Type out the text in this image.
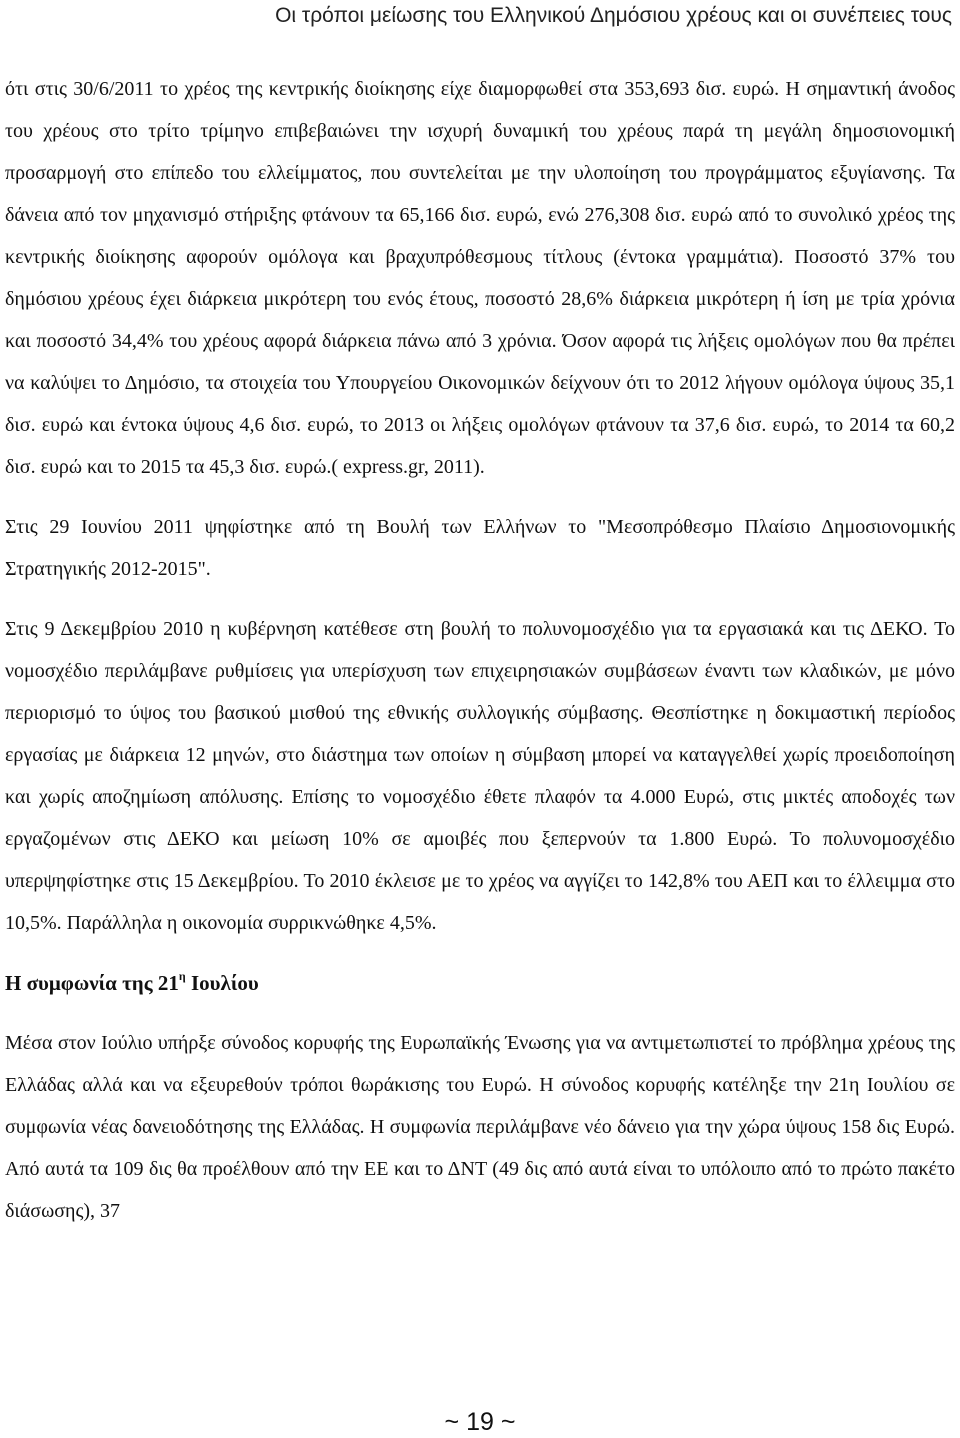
Οι τρόποι μείωσης του Ελληνικού Δημόσιου χρέους και οι συνέπειες τους

ότι στις 30/6/2011 το χρέος της κεντρικής διοίκησης είχε διαμορφωθεί στα 353,693 δισ. ευρώ. Η σημαντική άνοδος του χρέους στο τρίτο τρίμηνο επιβεβαιώνει την ισχυρή δυναμική του χρέους παρά τη μεγάλη δημοσιονομική προσαρμογή στο επίπεδο του ελλείμματος, που συντελείται με την υλοποίηση του προγράμματος εξυγίανσης. Τα δάνεια από τον μηχανισμό στήριξης φτάνουν τα 65,166 δισ. ευρώ, ενώ 276,308 δισ. ευρώ από το συνολικό χρέος της κεντρικής διοίκησης αφορούν ομόλογα και βραχυπρόθεσμους τίτλους (έντοκα γραμμάτια). Ποσοστό 37% του δημόσιου χρέους έχει διάρκεια μικρότερη του ενός έτους, ποσοστό 28,6% διάρκεια μικρότερη ή ίση με τρία χρόνια και ποσοστό 34,4% του χρέους αφορά διάρκεια πάνω από 3 χρόνια. Όσον αφορά τις λήξεις ομολόγων που θα πρέπει να καλύψει το Δημόσιο, τα στοιχεία του Υπουργείου Οικονομικών δείχνουν ότι το 2012 λήγουν ομόλογα ύψους 35,1 δισ. ευρώ και έντοκα ύψους 4,6 δισ. ευρώ, το 2013 οι λήξεις ομολόγων φτάνουν τα 37,6 δισ. ευρώ, το 2014 τα 60,2 δισ. ευρώ και το 2015 τα 45,3 δισ. ευρώ.( express.gr, 2011).

Στις 29 Ιουνίου 2011 ψηφίστηκε από τη Βουλή των Ελλήνων το "Μεσοπρόθεσμο Πλαίσιο Δημοσιονομικής Στρατηγικής 2012-2015".

Στις 9 Δεκεμβρίου 2010 η κυβέρνηση κατέθεσε στη βουλή το πολυνομοσχέδιο για τα εργασιακά και τις ΔΕΚΟ. Το νομοσχέδιο περιλάμβανε ρυθμίσεις για υπερίσχυση των επιχειρησιακών συμβάσεων έναντι των κλαδικών, με μόνο περιορισμό το ύψος του βασικού μισθού της εθνικής συλλογικής σύμβασης. Θεσπίστηκε η δοκιμαστική περίοδος εργασίας με διάρκεια 12 μηνών, στο διάστημα των οποίων η σύμβαση μπορεί να καταγγελθεί χωρίς προειδοποίηση και χωρίς αποζημίωση απόλυσης. Επίσης το νομοσχέδιο έθετε πλαφόν τα 4.000 Ευρώ, στις μικτές αποδοχές των εργαζομένων στις ΔΕΚΟ και μείωση 10% σε αμοιβές που ξεπερνούν τα 1.800 Ευρώ. Το πολυνομοσχέδιο υπερψηφίστηκε στις 15 Δεκεμβρίου. Το 2010 έκλεισε με το χρέος να αγγίζει το 142,8% του ΑΕΠ και το έλλειμμα στο 10,5%. Παράλληλα η οικονομία συρρικνώθηκε 4,5%.

Η συμφωνία της $21^\eta$ Ιουλίου

Μέσα στον Ιούλιο υπήρξε σύνοδος κορυφής της Ευρωπαϊκής Ένωσης για να αντιμετωπιστεί το πρόβλημα χρέους της Ελλάδας αλλά και να εξευρεθούν τρόποι θωράκισης του Ευρώ. Η σύνοδος κορυφής κατέληξε την 21η Ιουλίου σε συμφωνία νέας δανειοδότησης της Ελλάδας. Η συμφωνία περιλάμβανε νέο δάνειο για την χώρα ύψους 158 δις Ευρώ. Από αυτά τα 109 δις θα προέλθουν από την ΕΕ και το ΔΝΤ (49 δις από αυτά είναι το υπόλοιπο από το πρώτο πακέτο διάσωσης), 37

~ 19 ~
